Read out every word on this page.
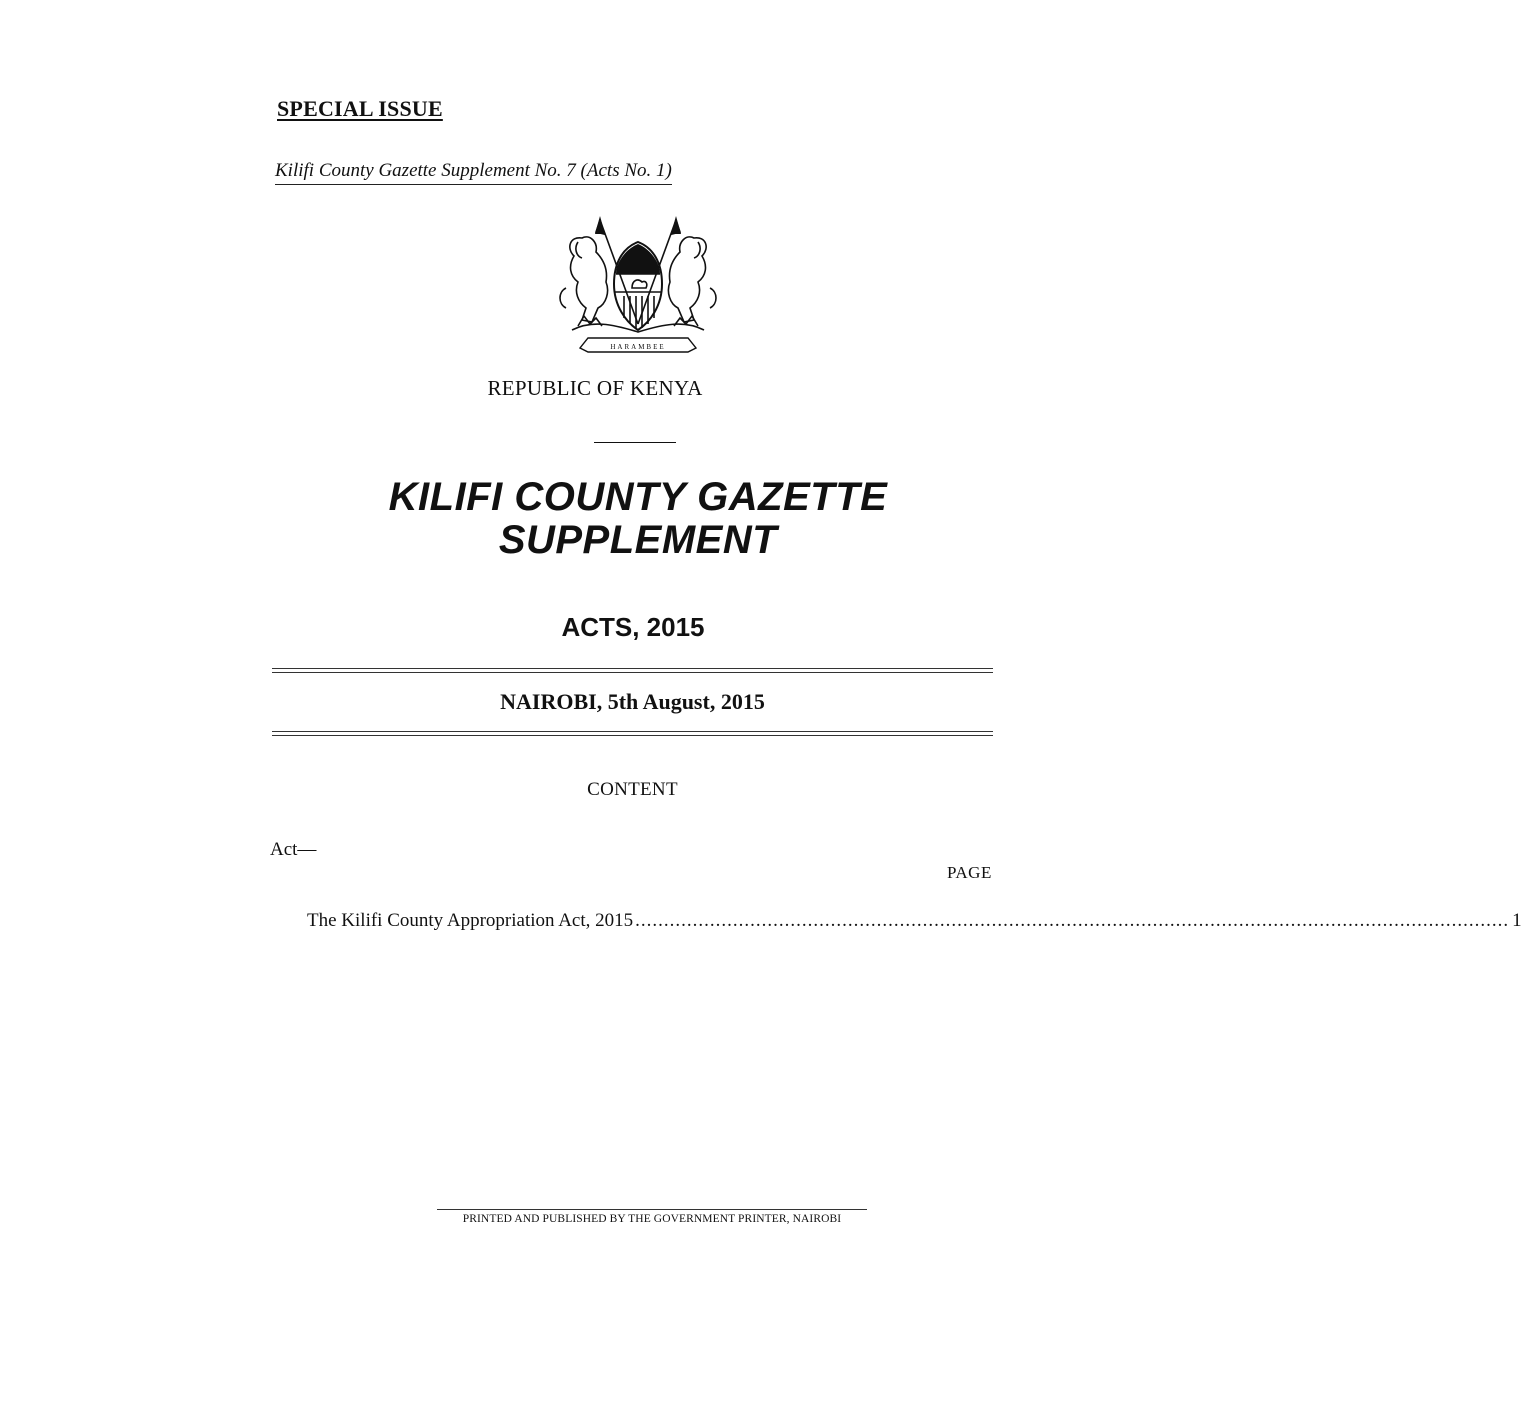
SPECIAL ISSUE
Kilifi County Gazette Supplement No. 7 (Acts No. 1)
HARAMBEE
REPUBLIC OF KENYA
KILIFI COUNTY GAZETTE
SUPPLEMENT
ACTS, 2015
NAIROBI, 5th August, 2015
CONTENT
Act—
PAGE
The Kilifi County Appropriation Act, 2015 ........................................................................................................................................................ 1
PRINTED AND PUBLISHED BY THE GOVERNMENT PRINTER, NAIROBI
